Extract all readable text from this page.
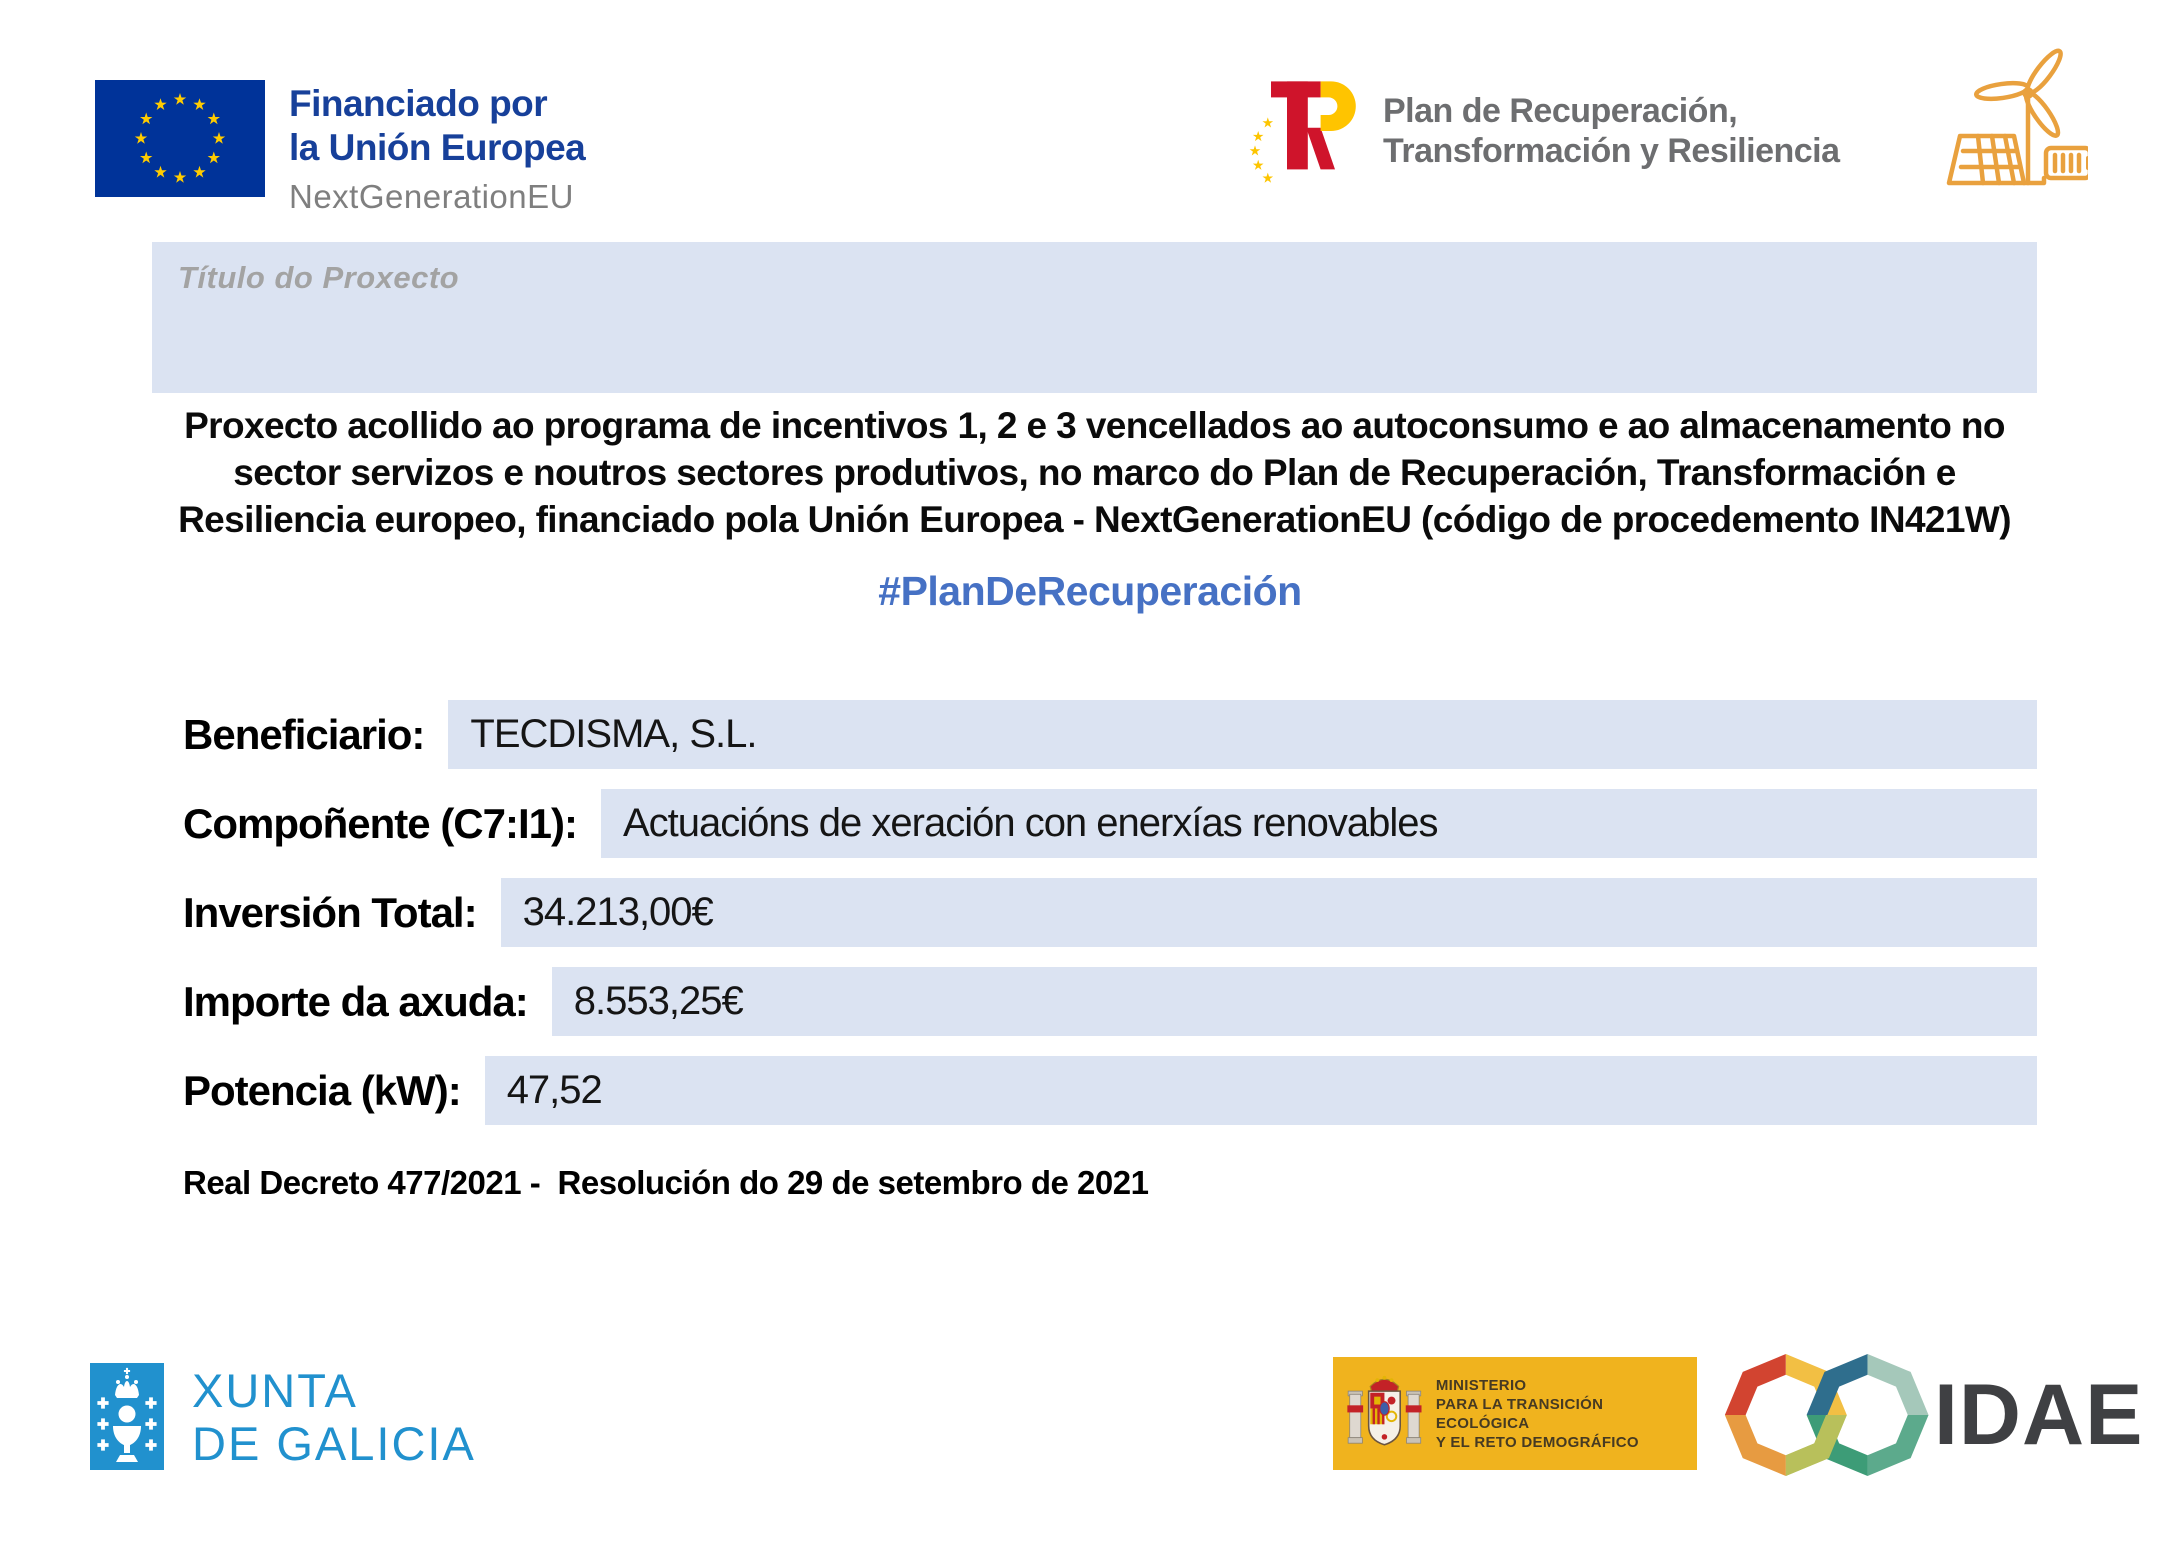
Financiado por
la Unión Europea
NextGenerationEU
Plan de Recuperación,
Transformación y Resiliencia
Título do Proxecto
Proxecto acollido ao programa de incentivos 1, 2 e 3 vencellados ao autoconsumo e ao almacenamento no
sector servizos e noutros sectores produtivos, no marco do Plan de Recuperación, Transformación e
Resiliencia europeo, financiado pola Unión Europea - NextGenerationEU (código de procedemento IN421W)
#PlanDeRecuperación
Beneficiario:	TECDISMA, S.L.
Compoñente (C7:I1):	Actuacións de xeración con enerxías renovables
Inversión Total:	34.213,00€
Importe da axuda:	8.553,25€
Potencia (kW):	47,52
Real Decreto 477/2021 -  Resolución do 29 de setembro de 2021
XUNTA
DE GALICIA
MINISTERIO
PARA LA TRANSICIÓN ECOLÓGICA
Y EL RETO DEMOGRÁFICO	IDAE
